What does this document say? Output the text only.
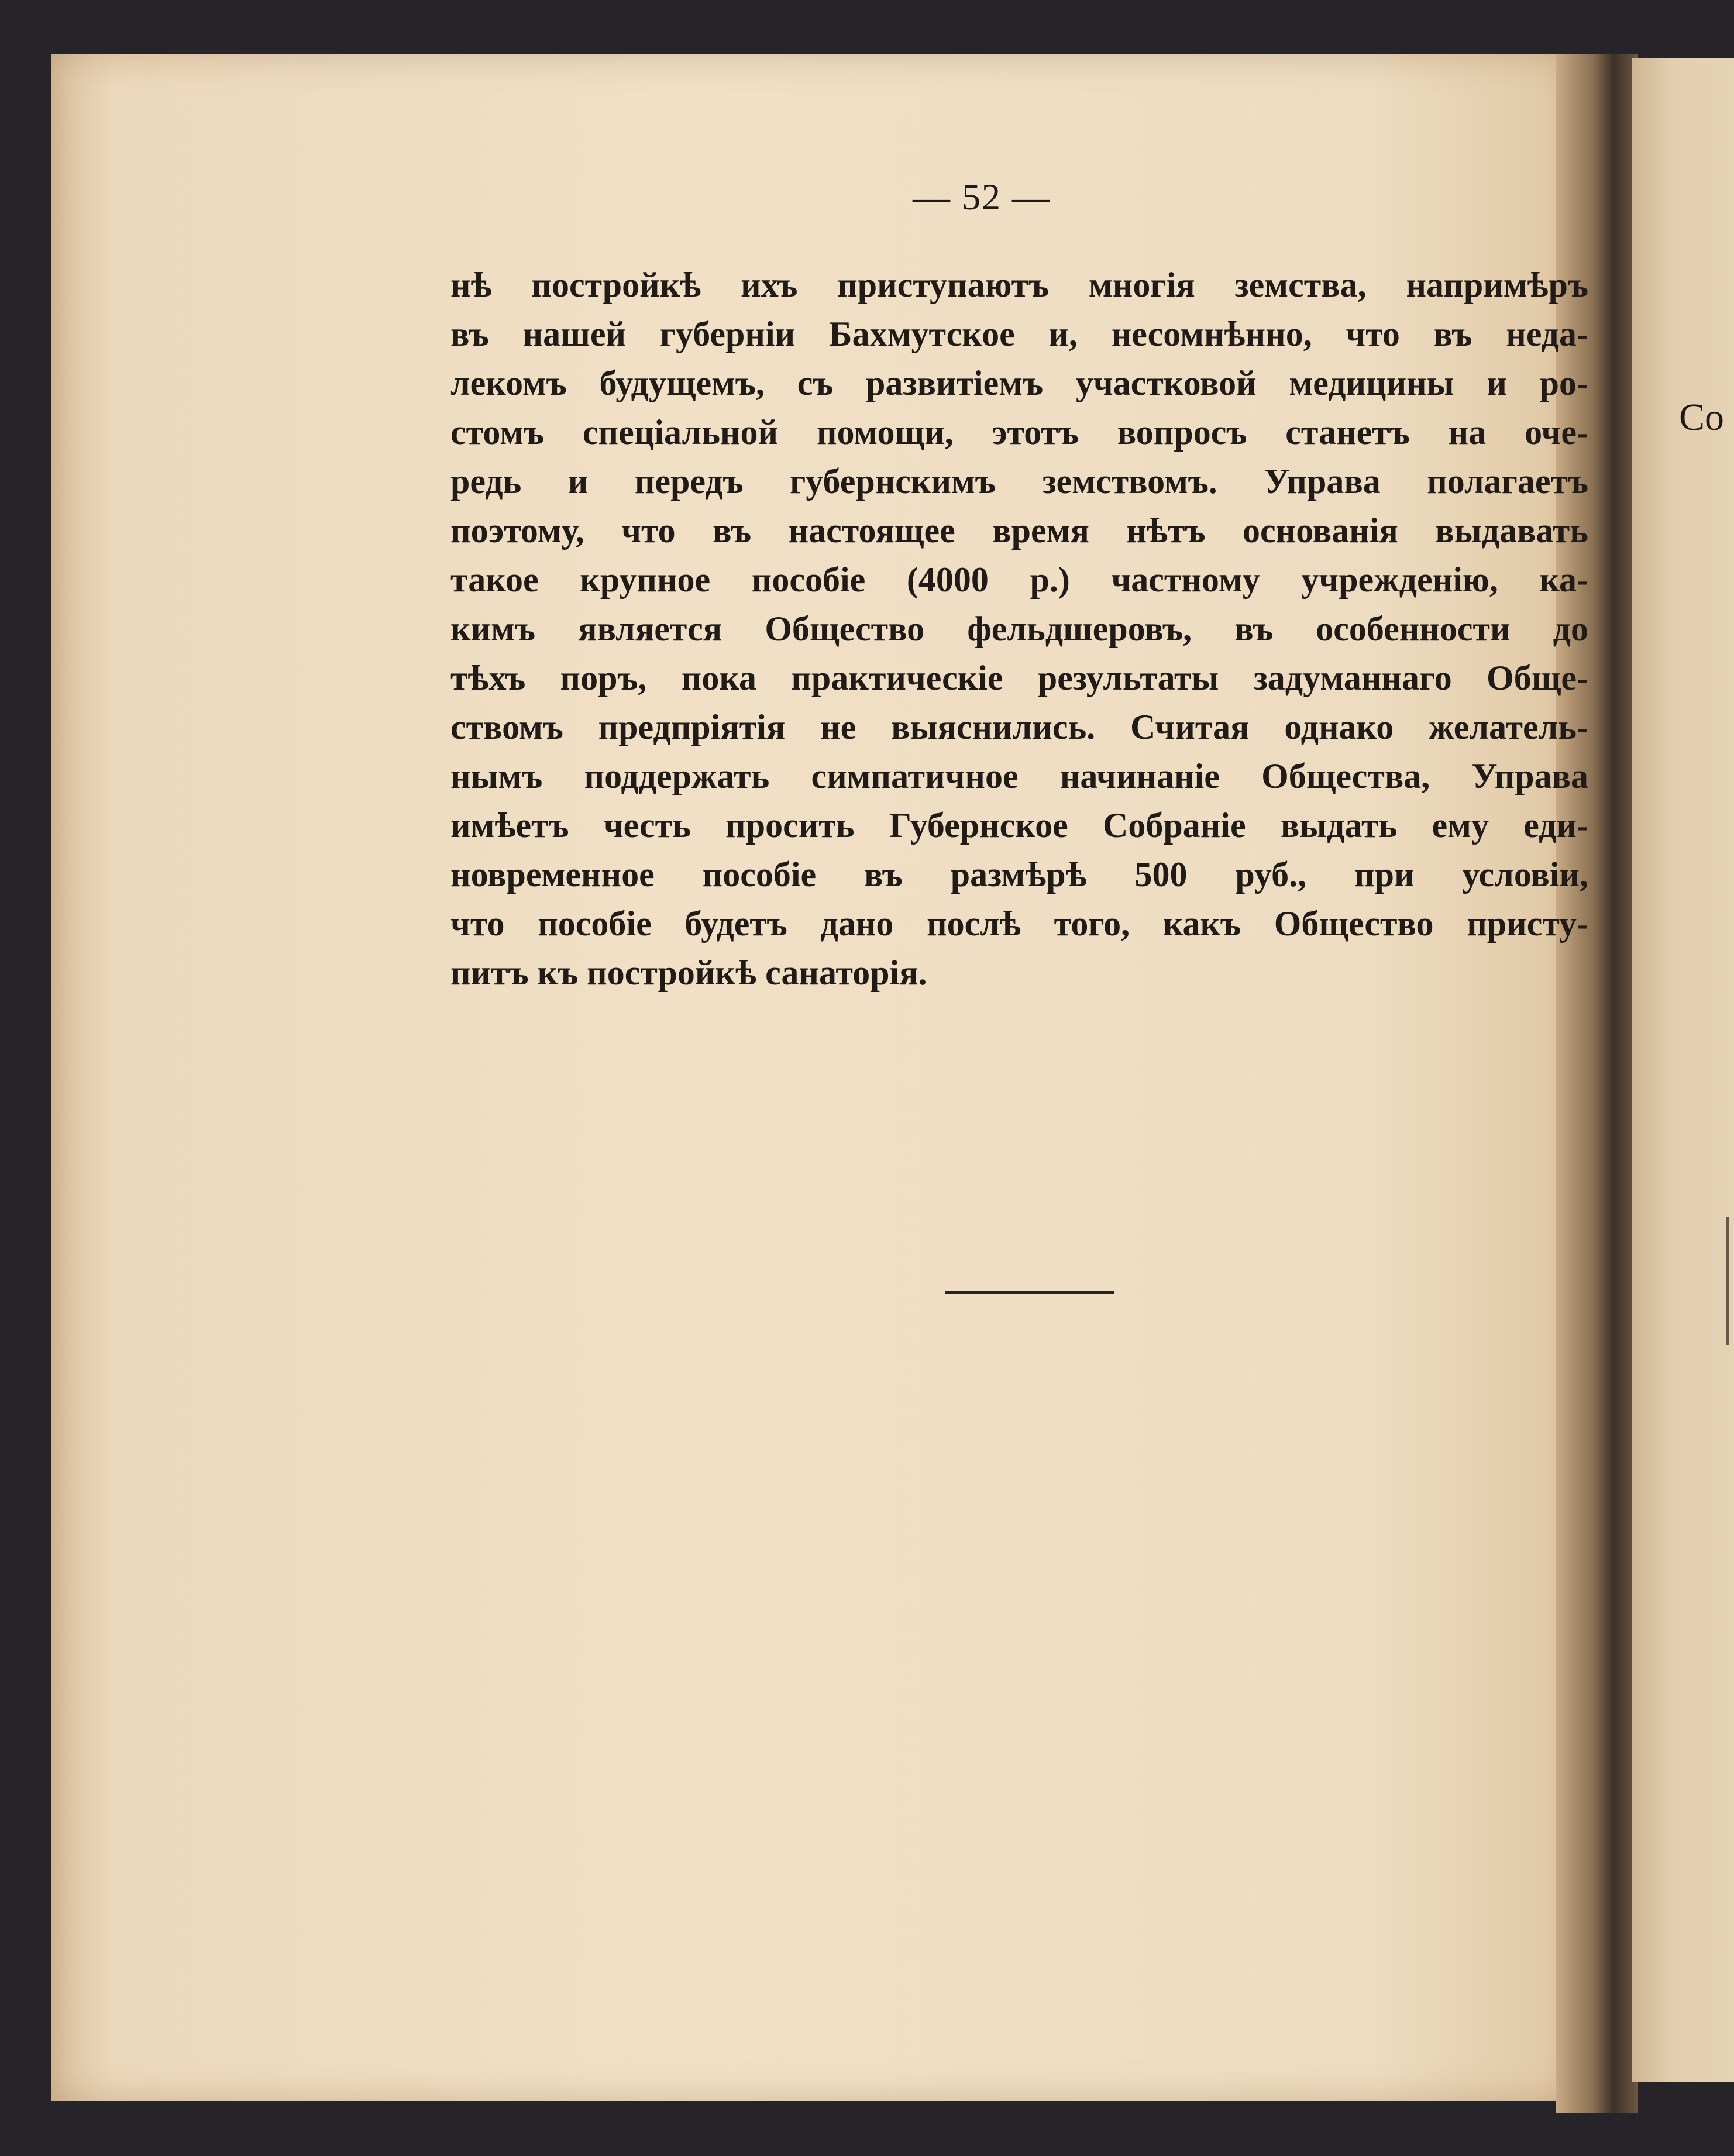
— 52 —
нѣ постройкѣ ихъ приступаютъ многія земства, напримѣръ
въ нашей губерніи Бахмутское и, несомнѣнно, что въ неда-
лекомъ будущемъ, съ развитіемъ участковой медицины и ро-
стомъ спеціальной помощи, этотъ вопросъ станетъ на оче-
редь и передъ губернскимъ земствомъ. Управа полагаетъ
поэтому, что въ настоящее время нѣтъ основанія выдавать
такое крупное пособіе (4000 р.) частному учрежденію, ка-
кимъ является Общество фельдшеровъ, въ особенности до
тѣхъ поръ, пока практическіе результаты задуманнаго Обще-
ствомъ предпріятія не выяснились. Считая однако желатель-
нымъ поддержать симпатичное начинаніе Общества, Управа
имѣетъ честь просить Губернское Собраніе выдать ему еди-
новременное пособіе въ размѣрѣ 500 руб., при условіи,
что пособіе будетъ дано послѣ того, какъ Общество присту-
питъ къ постройкѣ санаторія.
Со
